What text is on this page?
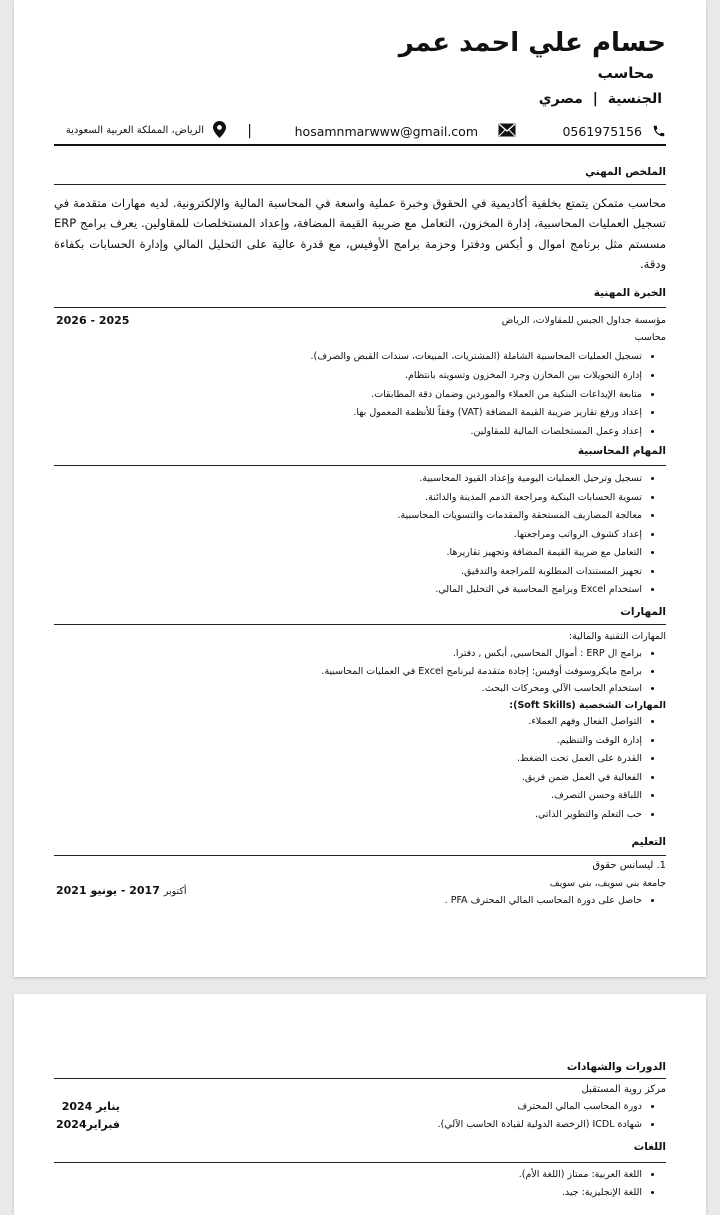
حسام علي احمد عمر
محاسب
الجنسية | مصري
0561975156
hosamnmarwww@gmail.com
|
الرياض، المملكة العربية السعودية
الملخص المهني
محاسب متمكن يتمتع بخلفية أكاديمية في الحقوق وخبرة عملية واسعة في المحاسبة المالية والإلكترونية. لديه مهارات متقدمة في تسجيل العمليات المحاسبية، إدارة المخزون، التعامل مع ضريبة القيمة المضافة، وإعداد المستخلصات للمقاولين. يعرف برامج ERP مسستم مثل برنامج اموال و أبكس ودفترا وحزمة برامج الأوفيس، مع قدرة عالية على التحليل المالي وإدارة الحسابات بكفاءة ودقة.
الخبرة المهنية
مؤسسة جداول الجبس للمقاولات، الرياض
2026 - 2025
محاسب
• تسجيل العمليات المحاسبية الشاملة (المشتريات، المبيعات، سندات القبض والصرف).
• إدارة التحويلات بين المخازن وجرد المخزون وتسويته بانتظام.
• متابعة الإيداعات البنكية من العملاء والموردين وضمان دقة المطابقات.
• إعداد ورفع تقارير ضريبة القيمة المضافة (VAT) وفقاً للأنظمة المعمول بها.
• إعداد وعمل المستخلصات المالية للمقاولين.
المهام المحاسبية
• تسجيل وترحيل العمليات اليومية وإعداد القيود المحاسبية.
• تسوية الحسابات البنكية ومراجعة الذمم المدينة والدائنة.
• معالجة المصاريف المستحقة والمقدمات والتسويات المحاسبية.
• إعداد كشوف الرواتب ومراجعتها.
• التعامل مع ضريبة القيمة المضافة وتجهيز تقاريرها.
• تجهيز المستندات المطلوبة للمراجعة والتدقيق.
• استخدام Excel وبرامج المحاسبة في التحليل المالي.
المهارات
المهارات التقنية والمالية:
• برامج ال ERP : أموال المحاسبي, أبكس , دفترا.
• برامج مايكروسوفت أوفيس: إجادة متقدمة لبرنامج Excel في العمليات المحاسبية.
• استخدام الحاسب الآلي ومحركات البحث.
المهارات الشخصية (Soft Skills):
• التواصل الفعال وفهم العملاء.
• إدارة الوقت والتنظيم.
• القدرة على العمل تحت الضغط.
• الفعالية في العمل ضمن فريق.
• اللباقة وحسن التصرف.
• حب التعلم والتطوير الذاتي.
التعليم
1. ليسانس حقوق
جامعة بني سويف، بني سويف
أكتوبر 2017 - يونيو 2021
• حاصل على دورة المحاسب المالي المحترف PFA .
الدورات والشهادات
مركز روية المستقبل
• دورة المحاسب المالي المحترف
• شهادة ICDL (الرخصة الدولية لقيادة الحاسب الآلي).
يناير 2024
فبراير2024
اللغات
• اللغة العربية: ممتاز (اللغة الأم).
• اللغة الإنجليزية: جيد.
